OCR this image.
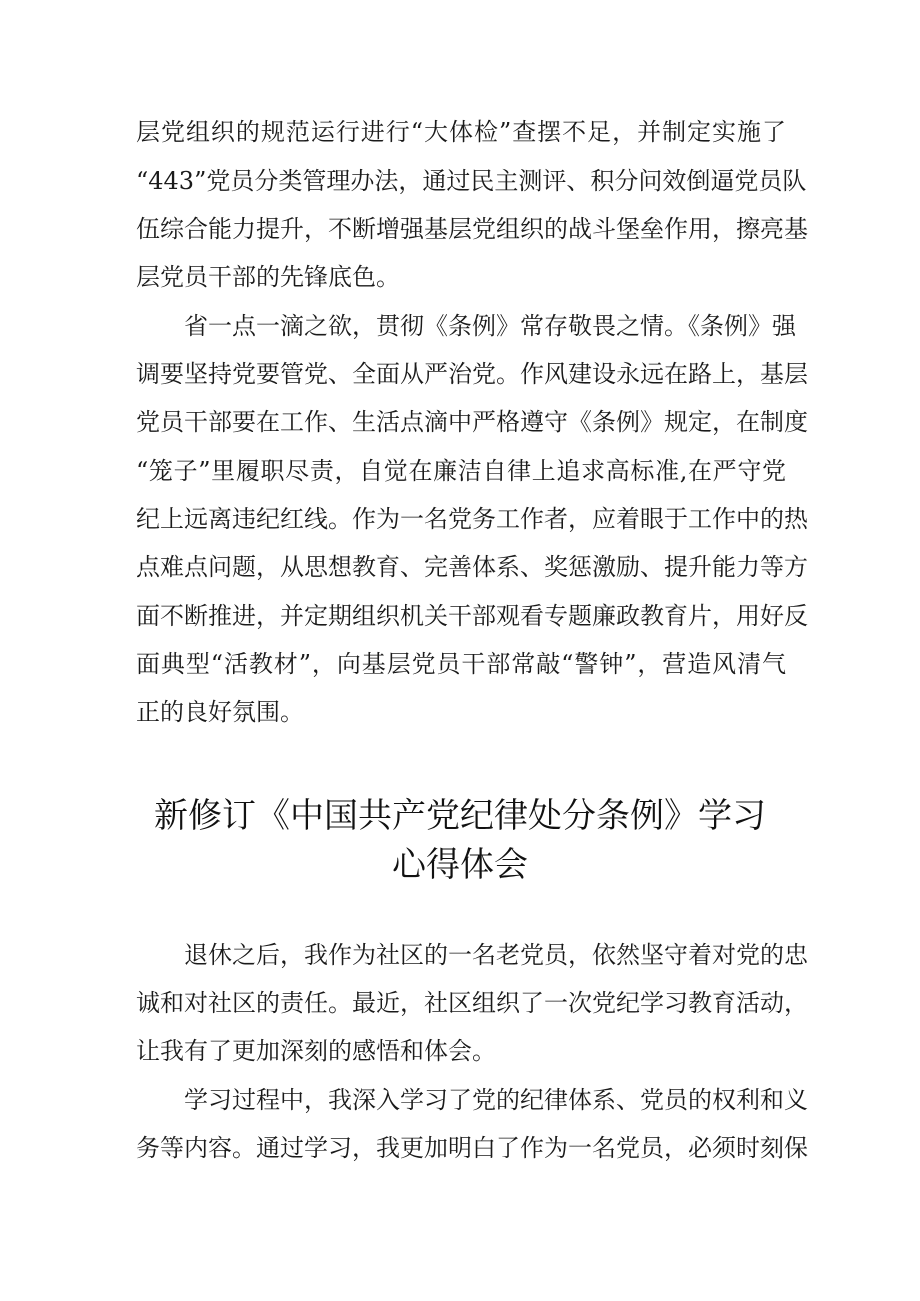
层党组织的规范运行进行“大体检”查摆不足，并制定实施了
“443”党员分类管理办法，通过民主测评、积分问效倒逼党员队
伍综合能力提升，不断增强基层党组织的战斗堡垒作用，擦亮基
层党员干部的先锋底色。
省一点一滴之欲，贯彻《条例》常存敬畏之情。《条例》强
调要坚持党要管党、全面从严治党。作风建设永远在路上，基层
党员干部要在工作、生活点滴中严格遵守《条例》规定，在制度
“笼子”里履职尽责，自觉在廉洁自律上追求高标准,在严守党
纪上远离违纪红线。作为一名党务工作者，应着眼于工作中的热
点难点问题，从思想教育、完善体系、奖惩激励、提升能力等方
面不断推进，并定期组织机关干部观看专题廉政教育片，用好反
面典型“活教材”，向基层党员干部常敲“警钟”，营造风清气
正的良好氛围。
新修订《中国共产党纪律处分条例》学习
心得体会
退休之后，我作为社区的一名老党员，依然坚守着对党的忠
诚和对社区的责任。最近，社区组织了一次党纪学习教育活动，
让我有了更加深刻的感悟和体会。
学习过程中，我深入学习了党的纪律体系、党员的权利和义
务等内容。通过学习，我更加明白了作为一名党员，必须时刻保
